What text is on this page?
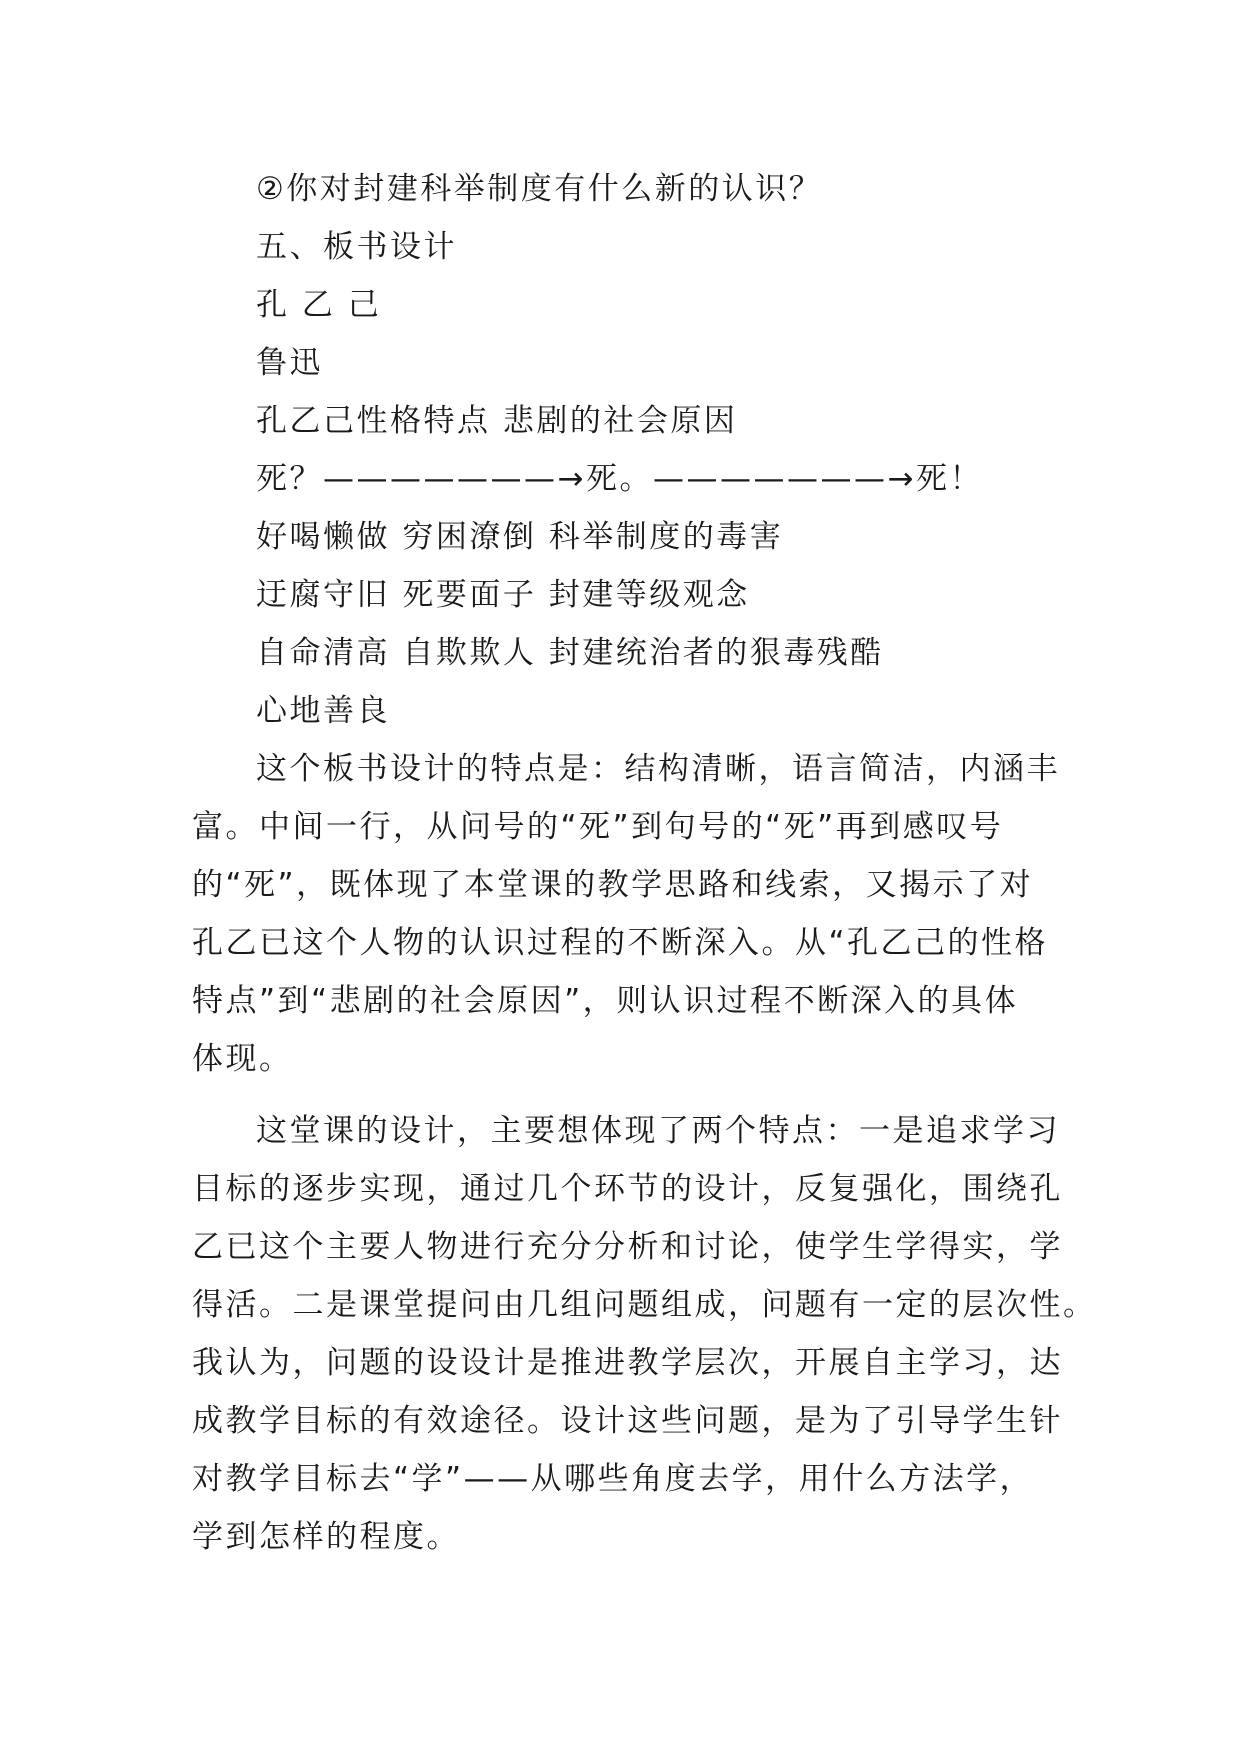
②你对封建科举制度有什么新的认识？
五、板书设计
孔 乙 己
鲁迅
孔乙己性格特点 悲剧的社会原因
死？———————→死。———————→死！
好喝懒做 穷困潦倒 科举制度的毒害
迂腐守旧 死要面子 封建等级观念
自命清高 自欺欺人 封建统治者的狠毒残酷
心地善良
这个板书设计的特点是：结构清晰，语言简洁，内涵丰
富。中间一行，从问号的“死”到句号的“死”再到感叹号
的“死”，既体现了本堂课的教学思路和线索，又揭示了对
孔乙已这个人物的认识过程的不断深入。从“孔乙己的性格
特点”到“悲剧的社会原因”，则认识过程不断深入的具体
体现。
这堂课的设计，主要想体现了两个特点：一是追求学习
目标的逐步实现，通过几个环节的设计，反复强化，围绕孔
乙已这个主要人物进行充分分析和讨论，使学生学得实，学
得活。二是课堂提问由几组问题组成，问题有一定的层次性。
我认为，问题的设设计是推进教学层次，开展自主学习，达
成教学目标的有效途径。设计这些问题，是为了引导学生针
对教学目标去“学”——从哪些角度去学，用什么方法学，
学到怎样的程度。
